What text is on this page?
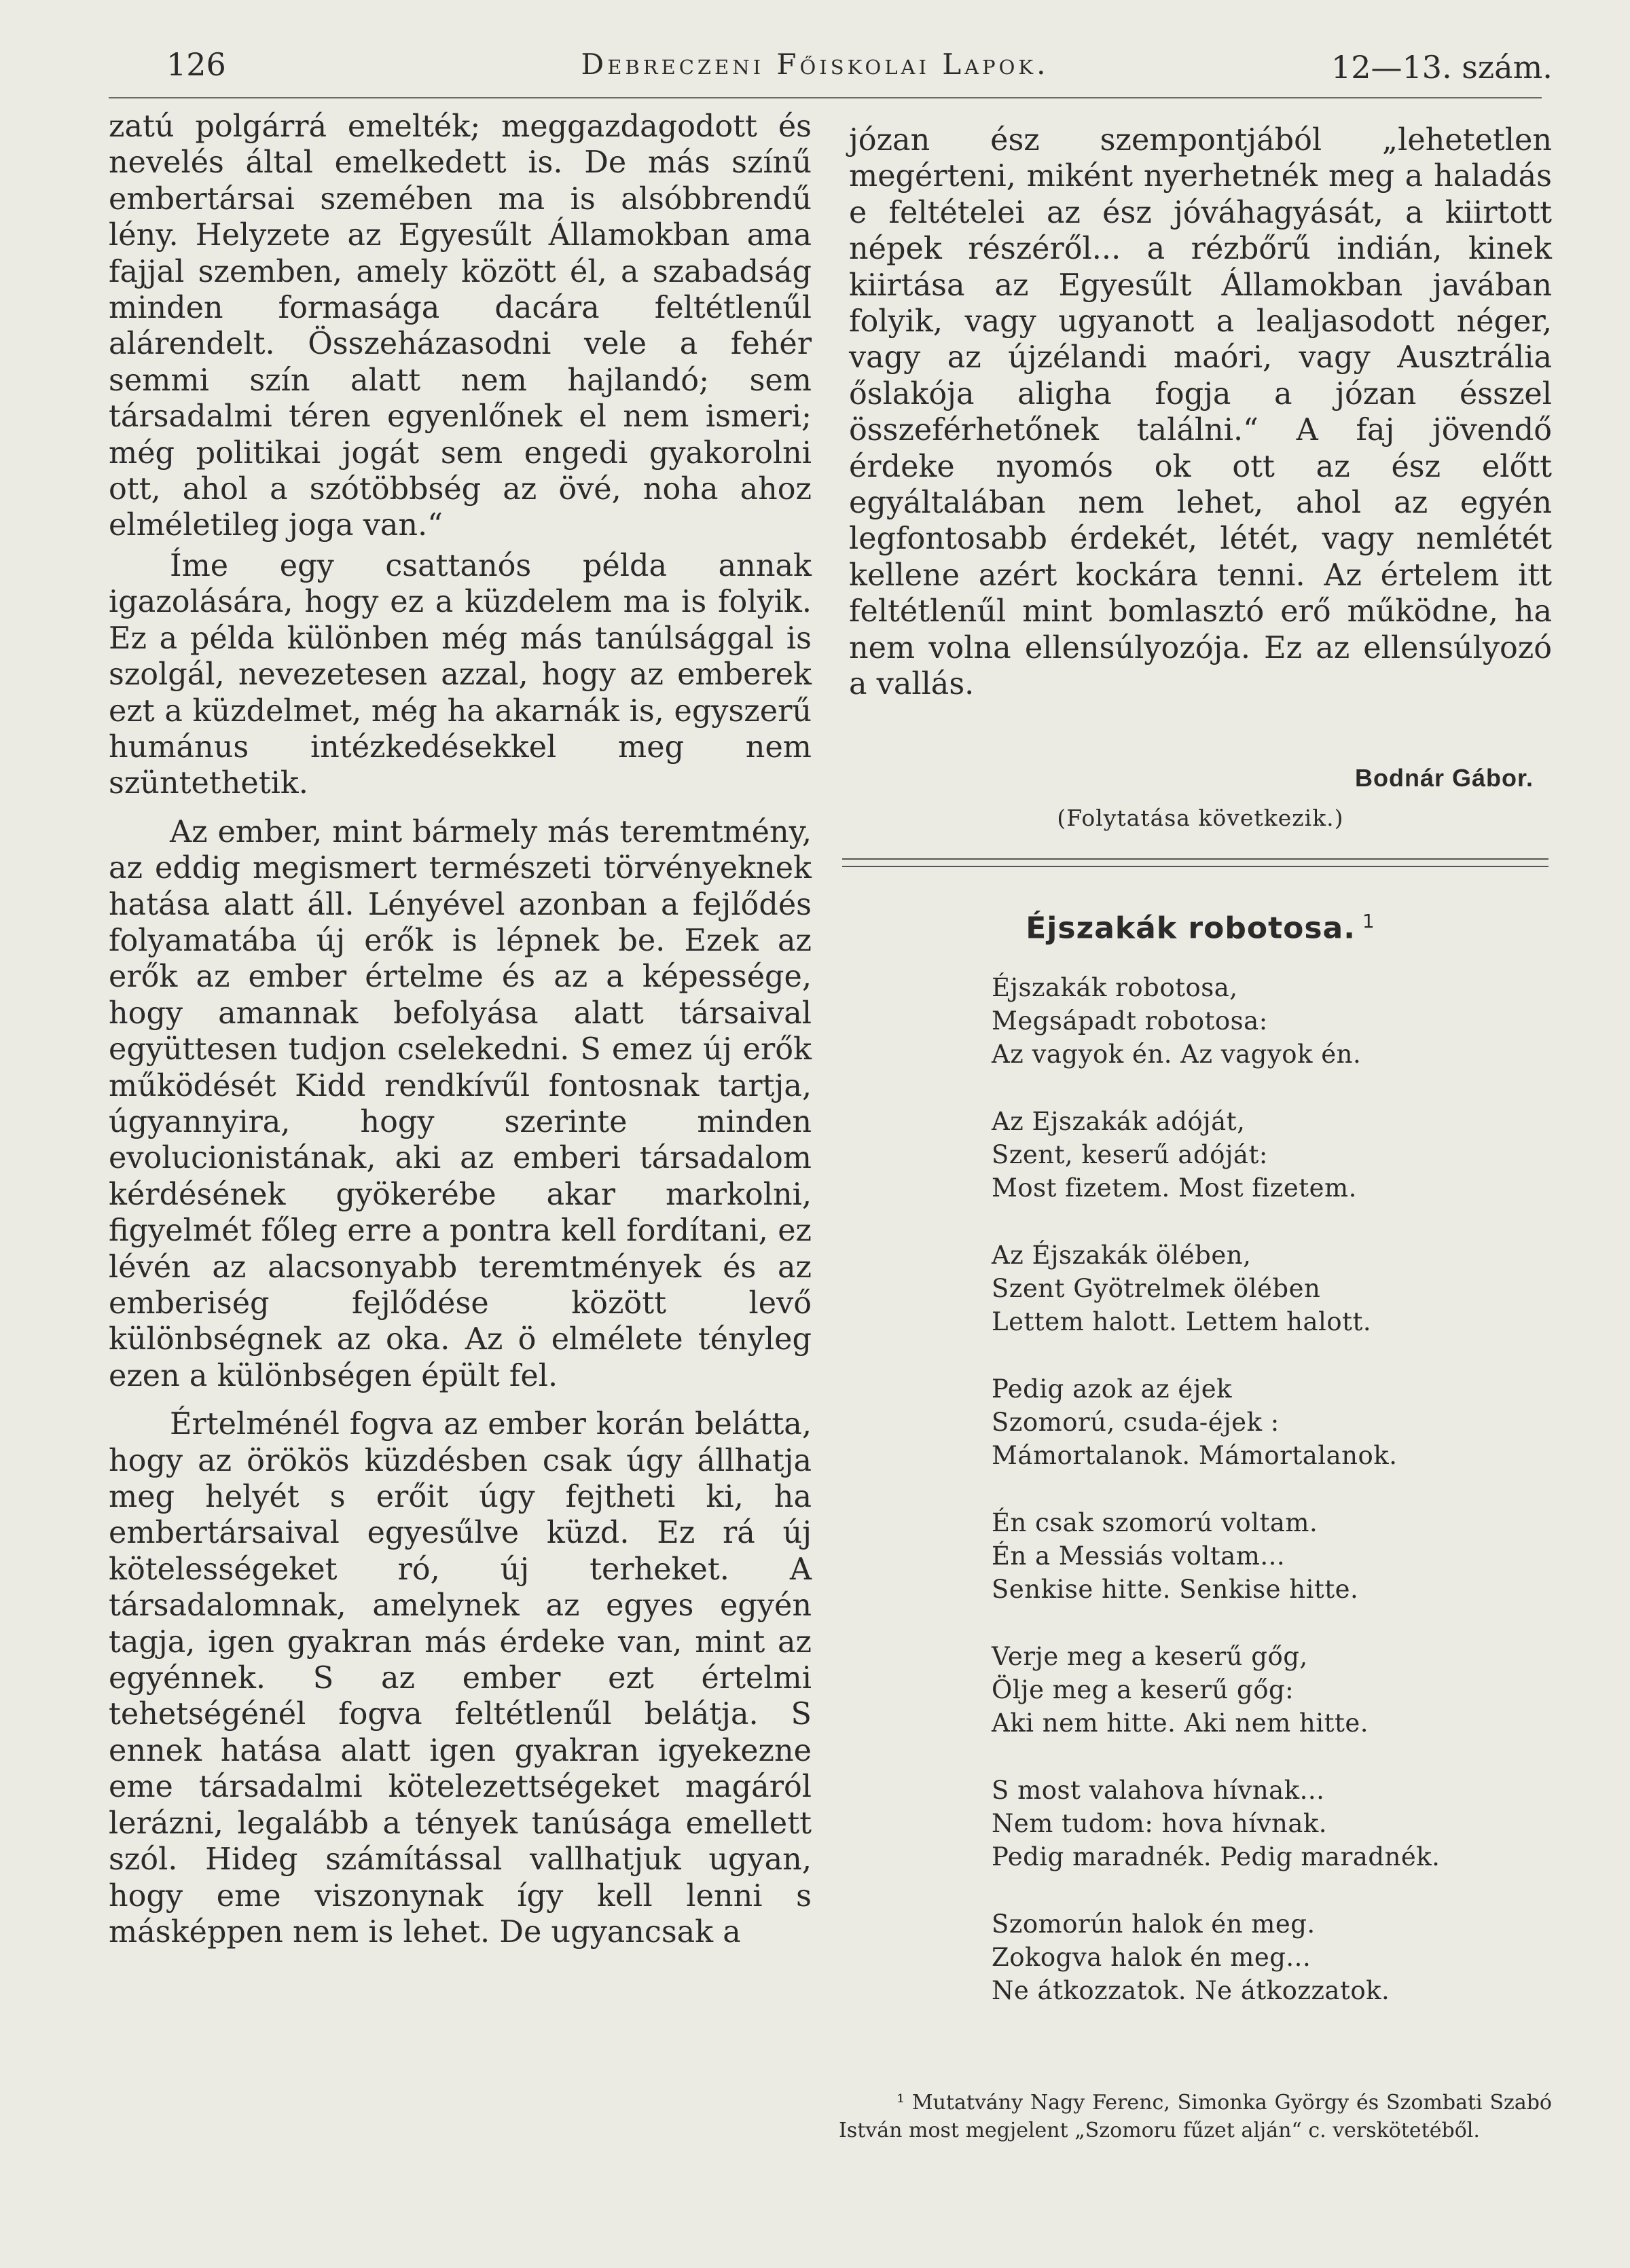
126	Debreczeni Főiskolai Lapok.	12—13. szám.

zatú polgárrá emelték; meggazdagodott és nevelés által emelkedett is. De más színű embertársai szemében ma is alsóbbrendű lény. Helyzete az Egyesűlt Államokban ama fajjal szemben, amely között él, a szabadság minden formasága dacára feltétlenűl alárendelt. Összeházasodni vele a fehér semmi szín alatt nem hajlandó; sem társadalmi téren egyenlőnek el nem ismeri; még politikai jogát sem engedi gyakorolni ott, ahol a szótöbbség az övé, noha ahoz elméletileg joga van.“

Íme egy csattanós példa annak igazolására, hogy ez a küzdelem ma is folyik. Ez a példa különben még más tanúlsággal is szolgál, nevezetesen azzal, hogy az emberek ezt a küzdelmet, még ha akarnák is, egyszerű humánus intézkedésekkel meg nem szüntethetik.

Az ember, mint bármely más teremtmény, az eddig megismert természeti törvényeknek hatása alatt áll. Lényével azonban a fejlődés folyamatába új erők is lépnek be. Ezek az erők az ember értelme és az a képessége, hogy amannak befolyása alatt társaival együttesen tudjon cselekedni. S emez új erők működését Kidd rendkívűl fontosnak tartja, úgyannyira, hogy szerinte minden evolucionistának, aki az emberi társadalom kérdésének gyökerébe akar markolni, figyelmét főleg erre a pontra kell fordítani, ez lévén az alacsonyabb teremtmények és az emberiség fejlődése között levő különbségnek az oka. Az ö elmélete tényleg ezen a különbségen épült fel.

Értelménél fogva az ember korán belátta, hogy az örökös küzdésben csak úgy állhatja meg helyét s erőit úgy fejtheti ki, ha embertársaival egyesűlve küzd. Ez rá új kötelességeket ró, új terheket. A társadalomnak, amelynek az egyes egyén tagja, igen gyakran más érdeke van, mint az egyénnek. S az ember ezt értelmi tehetségénél fogva feltétlenűl belátja. S ennek hatása alatt igen gyakran igyekezne eme társadalmi kötelezettségeket magáról lerázni, legalább a tények tanúsága emellett szól. Hideg számítással vallhatjuk ugyan, hogy eme viszonynak így kell lenni s másképpen nem is lehet. De ugyancsak a

józan ész szempontjából „lehetetlen megérteni, miként nyerhetnék meg a haladás e feltételei az ész jóváhagyását, a kiirtott népek részéről... a rézbőrű indián, kinek kiirtása az Egyesűlt Államokban javában folyik, vagy ugyanott a lealjasodott néger, vagy az újzélandi maóri, vagy Ausztrália őslakója aligha fogja a józan ésszel összeférhetőnek találni.“ A faj jövendő érdeke nyomós ok ott az ész előtt egyáltalában nem lehet, ahol az egyén legfontosabb érdekét, létét, vagy nemlétét kellene azért kockára tenni. Az értelem itt feltétlenűl mint bomlasztó erő működne, ha nem volna ellensúlyozója. Ez az ellensúlyozó a vallás.

Bodnár Gábor.
(Folytatása következik.)
Éjszakák robotosa. $^1$
Éjszakák robotosa,
Megsápadt robotosa:
Az vagyok én. Az vagyok én.
Az Ejszakák adóját,
Szent, keserű adóját:
Most fizetem. Most fizetem.
Az Éjszakák ölében,
Szent Gyötrelmek ölében
Lettem halott. Lettem halott.
Pedig azok az éjek
Szomorú, csuda-éjek :
Mámortalanok. Mámortalanok.
Én csak szomorú voltam.
Én a Messiás voltam...
Senkise hitte. Senkise hitte.
Verje meg a keserű gőg,
Ölje meg a keserű gőg:
Aki nem hitte. Aki nem hitte.
S most valahova hívnak...
Nem tudom: hova hívnak.
Pedig maradnék. Pedig maradnék.
Szomorún halok én meg.
Zokogva halok én meg...
Ne átkozzatok. Ne átkozzatok.

¹ Mutatvány Nagy Ferenc, Simonka György és Szombati Szabó István most megjelent „Szomoru fűzet alján“ c. verskötetéből.
